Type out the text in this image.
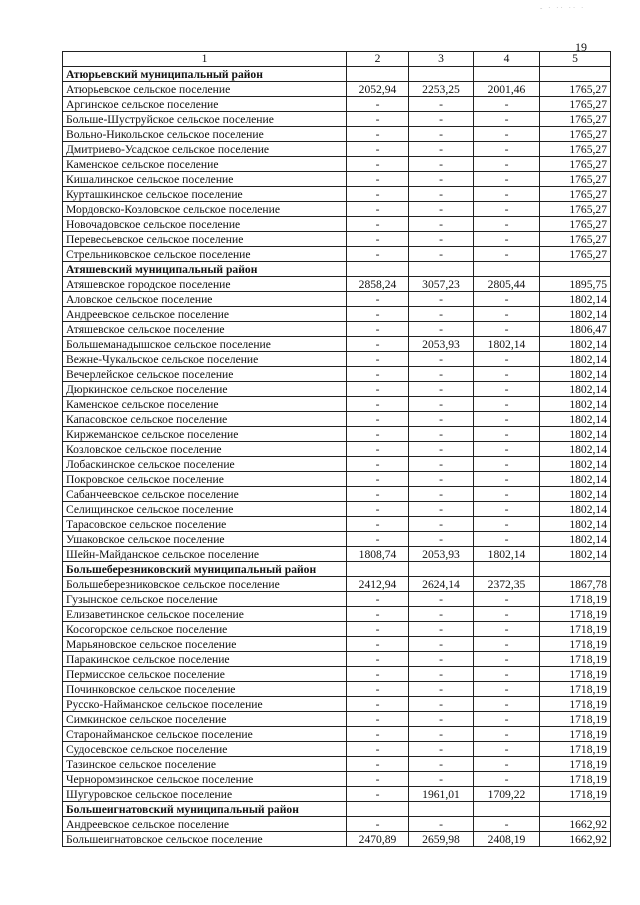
- · ·· ·· ·
19
1	2	3	4	5
Атюрьевский муниципальный район				
Атюрьевское сельское поселение	2052,94	2253,25	2001,46	1765,27
Аргинское сельское поселение	-	-	-	1765,27
Больше-Шуструйское сельское поселение	-	-	-	1765,27
Вольно-Никольское сельское поселение	-	-	-	1765,27
Дмитриево-Усадское сельское поселение	-	-	-	1765,27
Каменское сельское поселение	-	-	-	1765,27
Кишалинское сельское поселение	-	-	-	1765,27
Курташкинское сельское поселение	-	-	-	1765,27
Мордовско-Козловское сельское поселение	-	-	-	1765,27
Новочадовское сельское поселение	-	-	-	1765,27
Перевесьевское сельское поселение	-	-	-	1765,27
Стрельниковское сельское поселение	-	-	-	1765,27
Атяшевский муниципальный район				
Атяшевское городское поселение	2858,24	3057,23	2805,44	1895,75
Аловское сельское поселение	-	-	-	1802,14
Андреевское сельское поселение	-	-	-	1802,14
Атяшевское сельское поселение	-	-	-	1806,47
Большеманадышское сельское поселение	-	2053,93	1802,14	1802,14
Вежне-Чукальское сельское поселение	-	-	-	1802,14
Вечерлейское сельское поселение	-	-	-	1802,14
Дюркинское сельское поселение	-	-	-	1802,14
Каменское сельское поселение	-	-	-	1802,14
Капасовское сельское поселение	-	-	-	1802,14
Киржеманское сельское поселение	-	-	-	1802,14
Козловское сельское поселение	-	-	-	1802,14
Лобаскинское сельское поселение	-	-	-	1802,14
Покровское сельское поселение	-	-	-	1802,14
Сабанчеевское сельское поселение	-	-	-	1802,14
Селищинское сельское поселение	-	-	-	1802,14
Тарасовское сельское поселение	-	-	-	1802,14
Ушаковское сельское поселение	-	-	-	1802,14
Шейн-Майданское сельское поселение	1808,74	2053,93	1802,14	1802,14
Большеберезниковский муниципальный район				
Большеберезниковское сельское поселение	2412,94	2624,14	2372,35	1867,78
Гузынское сельское поселение	-	-	-	1718,19
Елизаветинское сельское поселение	-	-	-	1718,19
Косогорское сельское поселение	-	-	-	1718,19
Марьяновское сельское поселение	-	-	-	1718,19
Паракинское сельское поселение	-	-	-	1718,19
Пермисское сельское поселение	-	-	-	1718,19
Починковское сельское поселение	-	-	-	1718,19
Русско-Найманское сельское поселение	-	-	-	1718,19
Симкинское сельское поселение	-	-	-	1718,19
Старонайманское сельское поселение	-	-	-	1718,19
Судосевское сельское поселение	-	-	-	1718,19
Тазинское сельское поселение	-	-	-	1718,19
Черноромзинское сельское поселение	-	-	-	1718,19
Шугуровское сельское поселение	-	1961,01	1709,22	1718,19
Большеигнатовский муниципальный район				
Андреевское сельское поселение	-	-	-	1662,92
Большеигнатовское сельское поселение	2470,89	2659,98	2408,19	1662,92
